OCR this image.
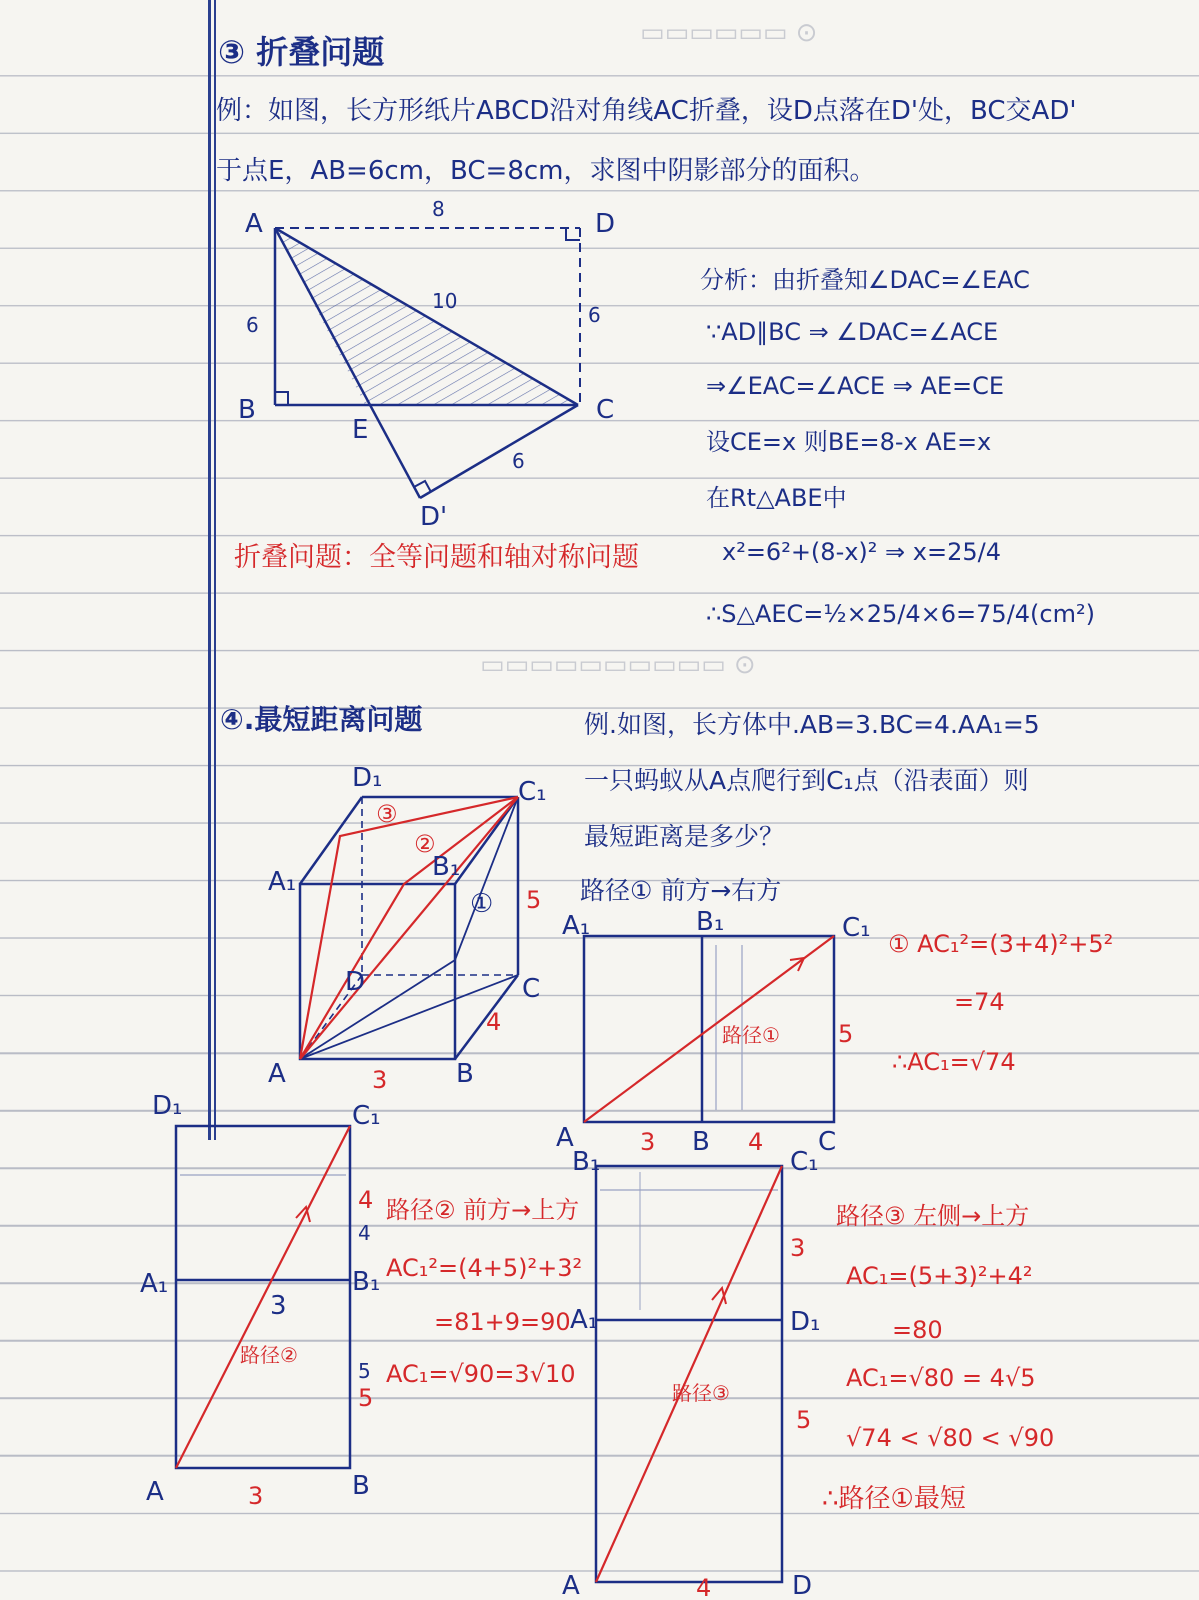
▭▭▭▭▭▭ ⊙
▭▭▭▭▭▭▭▭▭▭ ⊙
③ 折叠问题
例：如图，长方形纸片ABCD沿对角线AC折叠，设D点落在D'处，BC交AD'
于点E，AB=6cm，BC=8cm，求图中阴影部分的面积。
A
B	C
D
E
D'
8
6	6
10
6
分析：由折叠知∠DAC=∠EAC
∵AD∥BC ⇒ ∠DAC=∠ACE
⇒∠EAC=∠ACE ⇒ AE=CE
设CE=x 则BE=8-x AE=x
在Rt△ABE中
x²=6²+(8-x)² ⇒ x=25/4
∴S△AEC=½×25/4×6=75/4(cm²)
折叠问题：全等问题和轴对称问题
④.最短距离问题	例.如图，长方体中.AB=3.BC=4.AA₁=5
一只蚂蚁从A点爬行到C₁点（沿表面）则
最短距离是多少？
A	B
C
D
A₁	B₁
C₁
D₁
③
②
①
3
4
5 路径① 前方→右方
A₁	B₁	C₁
A	B	C
3	4
5
路径①
① AC₁²=(3+4)²+5²
=74
∴AC₁=√74
D₁	C₁
A₁	B₁
A	B
4
4
3
5
5
3
路径②
路径② 前方→上方
AC₁²=(4+5)²+3²
=81+9=90
AC₁=√90=3√10
B₁	C₁
A₁	D₁
A	D
3
5
4
路径③
路径③ 左侧→上方
AC₁=(5+3)²+4²
=80
AC₁=√80 = 4√5
√74 < √80 < √90
∴路径①最短
